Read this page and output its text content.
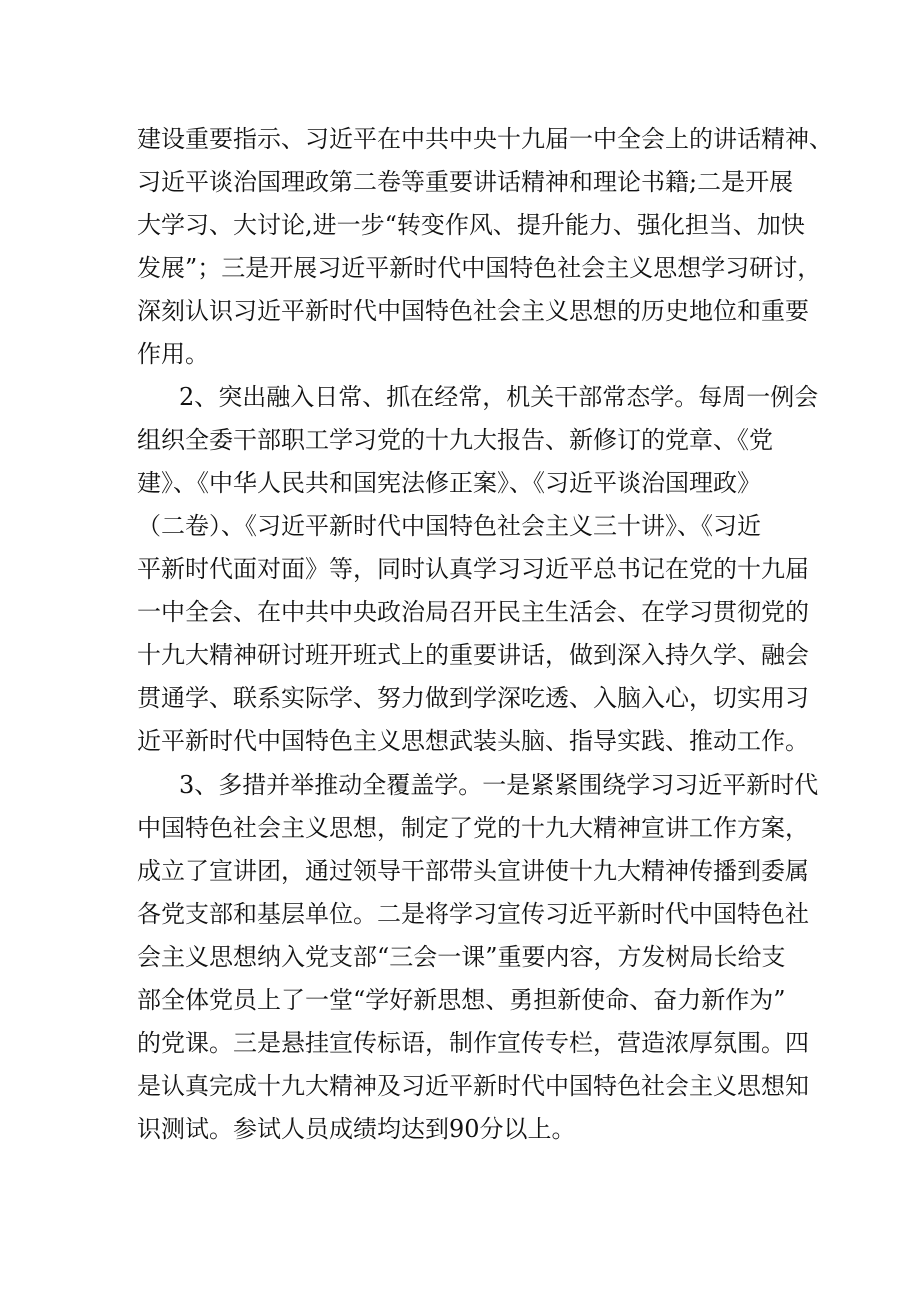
建设重要指示、习近平在中共中央十九届一中全会上的讲话精神、
习近平谈治国理政第二卷等重要讲话精神和理论书籍;二是开展
大学习、大讨论,进一步“转变作风、提升能力、强化担当、加快
发展”；三是开展习近平新时代中国特色社会主义思想学习研讨，
深刻认识习近平新时代中国特色社会主义思想的历史地位和重要
作用。
2、突出融入日常、抓在经常，机关干部常态学。每周一例会
组织全委干部职工学习党的十九大报告、新修订的党章、《党
建》、《中华人民共和国宪法修正案》、《习近平谈治国理政》
（二卷）、《习近平新时代中国特色社会主义三十讲》、《习近
平新时代面对面》等，同时认真学习习近平总书记在党的十九届
一中全会、在中共中央政治局召开民主生活会、在学习贯彻党的
十九大精神研讨班开班式上的重要讲话，做到深入持久学、融会
贯通学、联系实际学、努力做到学深吃透、入脑入心，切实用习
近平新时代中国特色主义思想武装头脑、指导实践、推动工作。
3、多措并举推动全覆盖学。一是紧紧围绕学习习近平新时代
中国特色社会主义思想，制定了党的十九大精神宣讲工作方案，
成立了宣讲团，通过领导干部带头宣讲使十九大精神传播到委属
各党支部和基层单位。二是将学习宣传习近平新时代中国特色社
会主义思想纳入党支部“三会一课”重要内容，方发树局长给支
部全体党员上了一堂“学好新思想、勇担新使命、奋力新作为”
的党课。三是悬挂宣传标语，制作宣传专栏，营造浓厚氛围。四
是认真完成十九大精神及习近平新时代中国特色社会主义思想知
识测试。参试人员成绩均达到90分以上。
